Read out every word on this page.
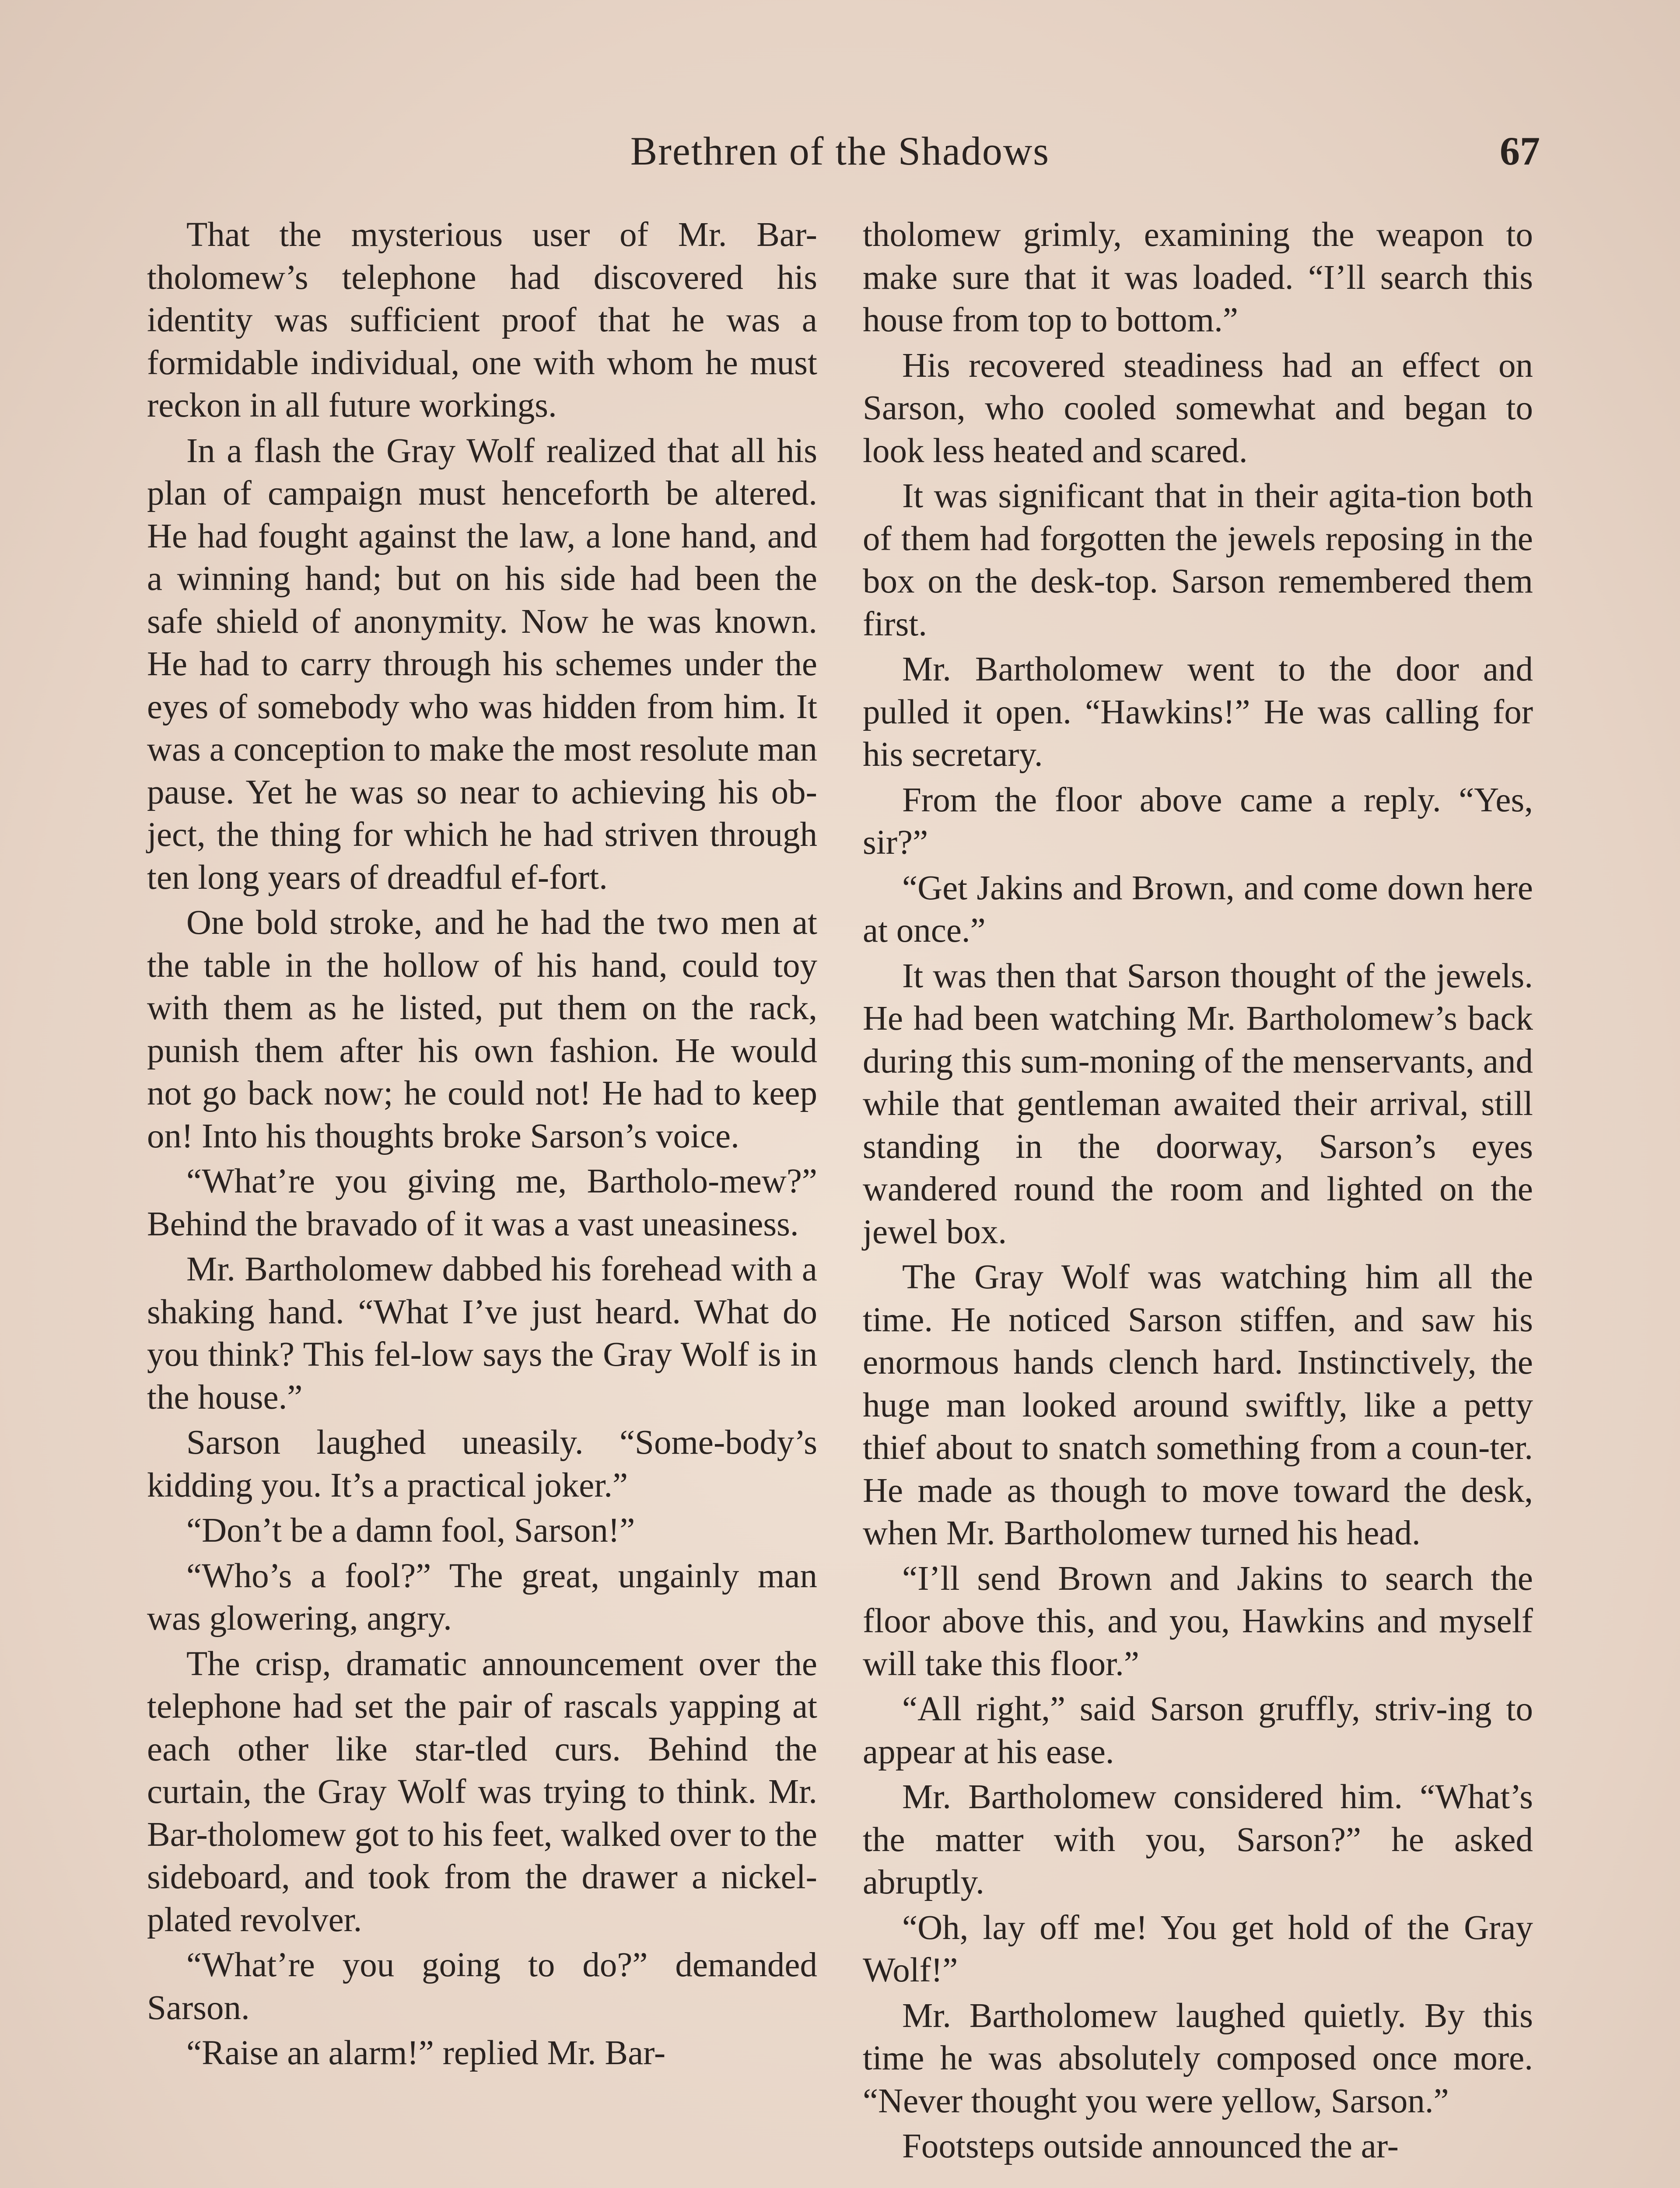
Brethren of the Shadows	67

That the mysterious user of Mr. Bar-tholomew’s telephone had discovered his identity was sufficient proof that he was a formidable individual, one with whom he must reckon in all future workings.

In a flash the Gray Wolf realized that all his plan of campaign must henceforth be altered. He had fought against the law, a lone hand, and a winning hand; but on his side had been the safe shield of anonymity. Now he was known. He had to carry through his schemes under the eyes of somebody who was hidden from him. It was a conception to make the most resolute man pause. Yet he was so near to achieving his ob-ject, the thing for which he had striven through ten long years of dreadful ef-fort.

One bold stroke, and he had the two men at the table in the hollow of his hand, could toy with them as he listed, put them on the rack, punish them after his own fashion. He would not go back now; he could not! He had to keep on! Into his thoughts broke Sarson’s voice.

“What’re you giving me, Bartholo-mew?” Behind the bravado of it was a vast uneasiness.

Mr. Bartholomew dabbed his forehead with a shaking hand. “What I’ve just heard. What do you think? This fel-low says the Gray Wolf is in the house.”

Sarson laughed uneasily. “Some-body’s kidding you. It’s a practical joker.”

“Don’t be a damn fool, Sarson!”

“Who’s a fool?” The great, ungainly man was glowering, angry.

The crisp, dramatic announcement over the telephone had set the pair of rascals yapping at each other like star-tled curs. Behind the curtain, the Gray Wolf was trying to think. Mr. Bar-tholomew got to his feet, walked over to the sideboard, and took from the drawer a nickel-plated revolver.

“What’re you going to do?” demanded Sarson.

“Raise an alarm!” replied Mr. Bar-

tholomew grimly, examining the weapon to make sure that it was loaded. “I’ll search this house from top to bottom.”

His recovered steadiness had an effect on Sarson, who cooled somewhat and began to look less heated and scared.

It was significant that in their agita-tion both of them had forgotten the jewels reposing in the box on the desk-top. Sarson remembered them first.

Mr. Bartholomew went to the door and pulled it open. “Hawkins!” He was calling for his secretary.

From the floor above came a reply. “Yes, sir?”

“Get Jakins and Brown, and come down here at once.”

It was then that Sarson thought of the jewels. He had been watching Mr. Bartholomew’s back during this sum-moning of the menservants, and while that gentleman awaited their arrival, still standing in the doorway, Sarson’s eyes wandered round the room and lighted on the jewel box.

The Gray Wolf was watching him all the time. He noticed Sarson stiffen, and saw his enormous hands clench hard. Instinctively, the huge man looked around swiftly, like a petty thief about to snatch something from a coun-ter. He made as though to move toward the desk, when Mr. Bartholomew turned his head.

“I’ll send Brown and Jakins to search the floor above this, and you, Hawkins and myself will take this floor.”

“All right,” said Sarson gruffly, striv-ing to appear at his ease.

Mr. Bartholomew considered him. “What’s the matter with you, Sarson?” he asked abruptly.

“Oh, lay off me! You get hold of the Gray Wolf!”

Mr. Bartholomew laughed quietly. By this time he was absolutely composed once more. “Never thought you were yellow, Sarson.”

Footsteps outside announced the ar-
